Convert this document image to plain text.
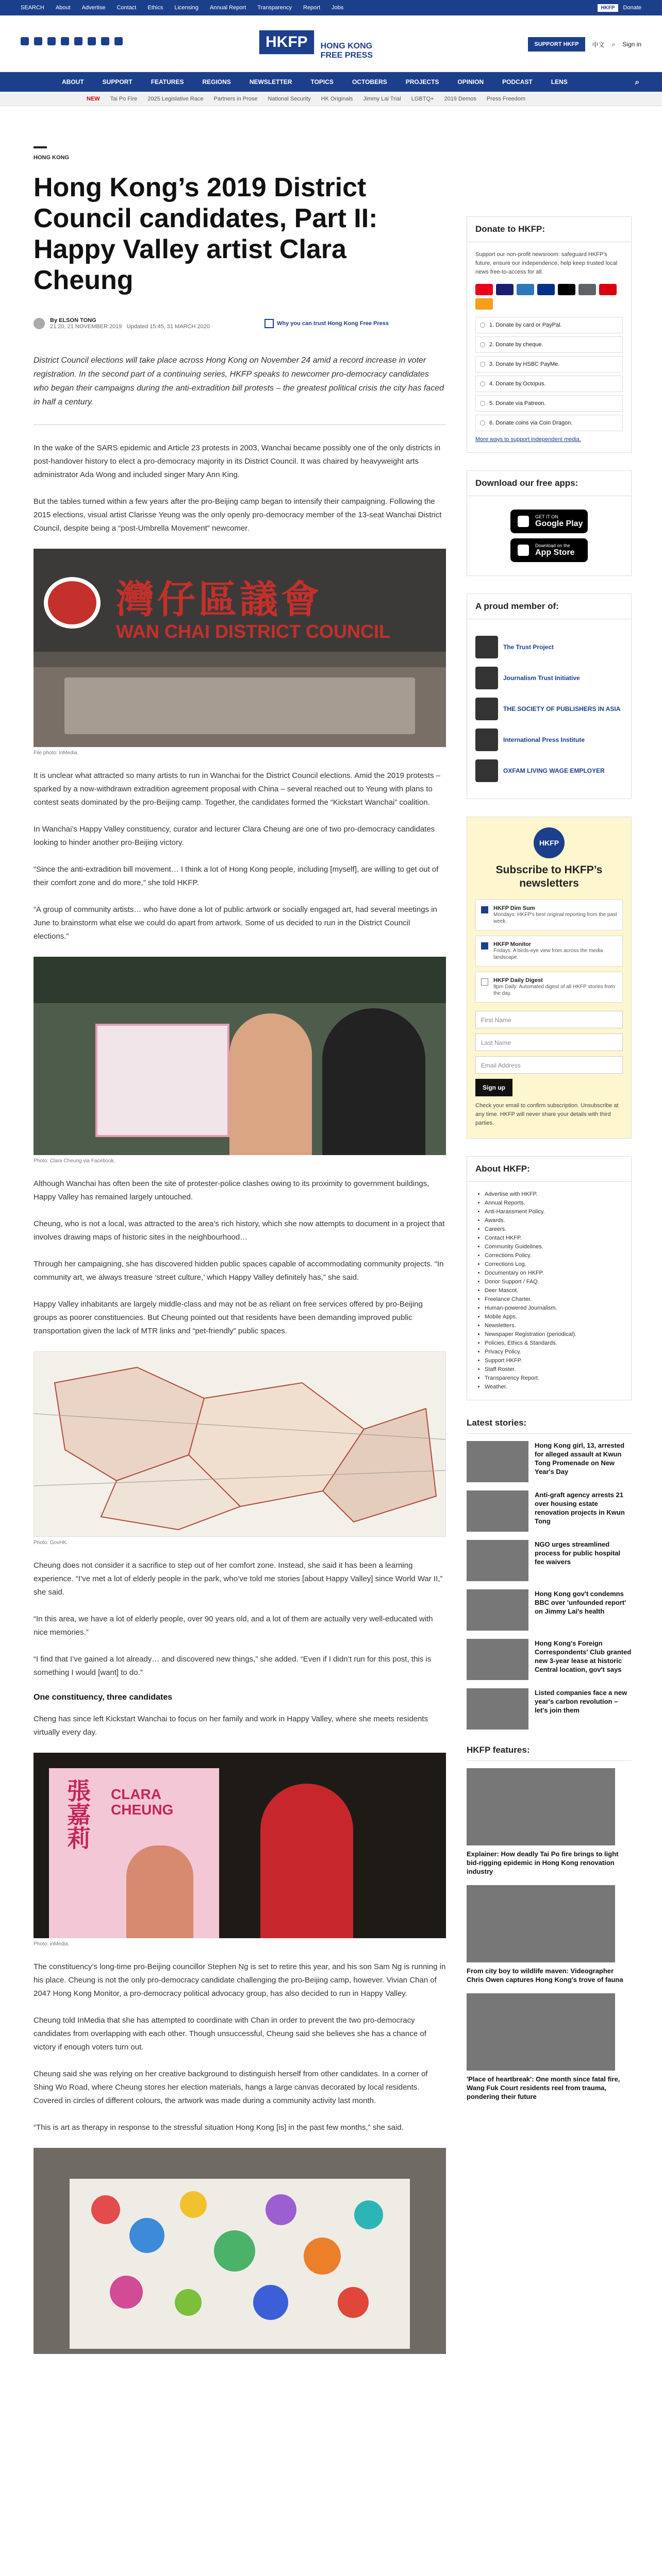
SEARCH About Advertise Contact Ethics Licensing Annual Report Transparency Report Jobs	HKFP	Donate
HKFP	HONG KONG
FREE PRESS
SUPPORT HKFP	中文 ⌕ Sign in
ABOUT	SUPPORT	FEATURES	REGIONS	NEWSLETTER	TOPICS	OCTOBERS	PROJECTS	OPINION	PODCAST	LENS	⌕
NEW Tai Po Fire 2025 Legislative Race Partners in Prose National Security HK Originals Jimmy Lai Trial LGBTQ+ 2019 Demos Press Freedom
HONG KONG
Hong Kong’s 2019 District Council candidates, Part II: Happy Valley artist Clara Cheung
By ELSON TONG
21:20, 21 NOVEMBER 2019 Updated 15:45, 31 MARCH 2020	Why you can trust Hong Kong Free Press

District Council elections will take place across Hong Kong on November 24 amid a record increase in voter registration. In the second part of a continuing series, HKFP speaks to newcomer pro-democracy candidates who began their campaigns during the anti-extradition bill protests – the greatest political crisis the city has faced in half a century.

In the wake of the SARS epidemic and Article 23 protests in 2003, Wanchai became possibly one of the only districts in post-handover history to elect a pro-democracy majority in its District Council. It was chaired by heavyweight arts administrator Ada Wong and included singer Mary Ann King.

But the tables turned within a few years after the pro-Beijing camp began to intensify their campaigning. Following the 2015 elections, visual artist Clarisse Yeung was the only openly pro-democracy member of the 13-seat Wanchai District Council, despite being a “post-Umbrella Movement” newcomer.

灣仔區議會
WAN CHAI DISTRICT COUNCIL
File photo: inMedia.

It is unclear what attracted so many artists to run in Wanchai for the District Council elections. Amid the 2019 protests – sparked by a now-withdrawn extradition agreement proposal with China – several reached out to Yeung with plans to contest seats dominated by the pro-Beijing camp. Together, the candidates formed the “Kickstart Wanchai” coalition.

In Wanchai’s Happy Valley constituency, curator and lecturer Clara Cheung are one of two pro-democracy candidates looking to hinder another pro-Beijing victory.

“Since the anti-extradition bill movement… I think a lot of Hong Kong people, including [myself], are willing to get out of their comfort zone and do more,” she told HKFP.

“A group of community artists… who have done a lot of public artwork or socially engaged art, had several meetings in June to brainstorm what else we could do apart from artwork. Some of us decided to run in the District Council elections.”

Photo: Clara Cheung via Facebook.

Although Wanchai has often been the site of protester-police clashes owing to its proximity to government buildings, Happy Valley has remained largely untouched.

Cheung, who is not a local, was attracted to the area’s rich history, which she now attempts to document in a project that involves drawing maps of historic sites in the neighbourhood…

Through her campaigning, she has discovered hidden public spaces capable of accommodating community projects. “In community art, we always treasure ‘street culture,’ which Happy Valley definitely has,” she said.

Happy Valley inhabitants are largely middle-class and may not be as reliant on free services offered by pro-Beijing groups as poorer constituencies. But Cheung pointed out that residents have been demanding improved public transportation given the lack of MTR links and “pet-friendly” public spaces.

Photo: GovHK.

Cheung does not consider it a sacrifice to step out of her comfort zone. Instead, she said it has been a learning experience. “I’ve met a lot of elderly people in the park, who’ve told me stories [about Happy Valley] since World War II,” she said.

“In this area, we have a lot of elderly people, over 90 years old, and a lot of them are actually very well-educated with nice memories.”

“I find that I’ve gained a lot already… and discovered new things,” she added. “Even if I didn’t run for this post, this is something I would [want] to do.”

One constituency, three candidates

Cheng has since left Kickstart Wanchai to focus on her family and work in Happy Valley, where she meets residents virtually every day.

張嘉莉 CLARA CHEUNG
Photo: inMedia.

The constituency’s long-time pro-Beijing councillor Stephen Ng is set to retire this year, and his son Sam Ng is running in his place. Cheung is not the only pro-democracy candidate challenging the pro-Beijing camp, however. Vivian Chan of 2047 Hong Kong Monitor, a pro-democracy political advocacy group, has also decided to run in Happy Valley.

Cheung told InMedia that she has attempted to coordinate with Chan in order to prevent the two pro-democracy candidates from overlapping with each other. Though unsuccessful, Cheung said she believes she has a chance of victory if enough voters turn out.

Cheung said she was relying on her creative background to distinguish herself from other candidates. In a corner of Shing Wo Road, where Cheung stores her election materials, hangs a large canvas decorated by local residents. Covered in circles of different colours, the artwork was made during a community activity last month.

“This is art as therapy in response to the stressful situation Hong Kong [is] in the past few months,” she said.

Donate to HKFP:
Support our non-profit newsroom: safeguard HKFP's future, ensure our independence, help keep trusted local news free-to-access for all.
1. Donate by card or PayPal.
2. Donate by cheque.
3. Donate by HSBC PayMe.
4. Donate by Octopus.
5. Donate via Patreon.
6. Donate coins via Coin Dragon.
More ways to support independent media.
Download our free apps:
GET IT ON
Google Play
Download on the
App Store
A proud member of:
The Trust Project
Journalism Trust Initiative
THE SOCIETY OF PUBLISHERS IN ASIA
International Press Institute
OXFAM LIVING WAGE EMPLOYER
HKFP
Subscribe to HKFP’s newsletters
HKFP Dim Sum
Mondays: HKFP's best original reporting from the past week.
HKFP Monitor
Fridays: A birds-eye view from across the media landscape.
HKFP Daily Digest
9pm Daily: Automated digest of all HKFP stories from the day.
First Name
Last Name
Email Address
Sign up
Check your email to confirm subscription. Unsubscribe at any time. HKFP will never share your details with third parties.
About HKFP:
• Advertise with HKFP.
• Annual Reports.
• Anti-Harassment Policy.
• Awards.
• Careers.
• Contact HKFP.
• Community Guidelines.
• Corrections Policy.
• Corrections Log.
• Documentary on HKFP.
• Donor Support / FAQ.
• Deer Mascot.
• Freelance Charter.
• Human-powered Journalism.
• Mobile Apps.
• Newsletters.
• Newspaper Registration (periodical).
• Policies, Ethics & Standards.
• Privacy Policy.
• Support HKFP.
• Staff Roster.
• Transparency Report.
• Weather.
Latest stories:
Hong Kong girl, 13, arrested for alleged assault at Kwun Tong Promenade on New Year's Day
Anti-graft agency arrests 21 over housing estate renovation projects in Kwun Tong
NGO urges streamlined process for public hospital fee waivers
Hong Kong gov't condemns BBC over 'unfounded report' on Jimmy Lai's health
Hong Kong's Foreign Correspondents' Club granted new 3-year lease at historic Central location, gov't says
Listed companies face a new year's carbon revolution – let's join them
HKFP features:
Explainer: How deadly Tai Po fire brings to light bid-rigging epidemic in Hong Kong renovation industry
From city boy to wildlife maven: Videographer Chris Owen captures Hong Kong's trove of fauna
'Place of heartbreak': One month since fatal fire, Wang Fuk Court residents reel from trauma, pondering their future
